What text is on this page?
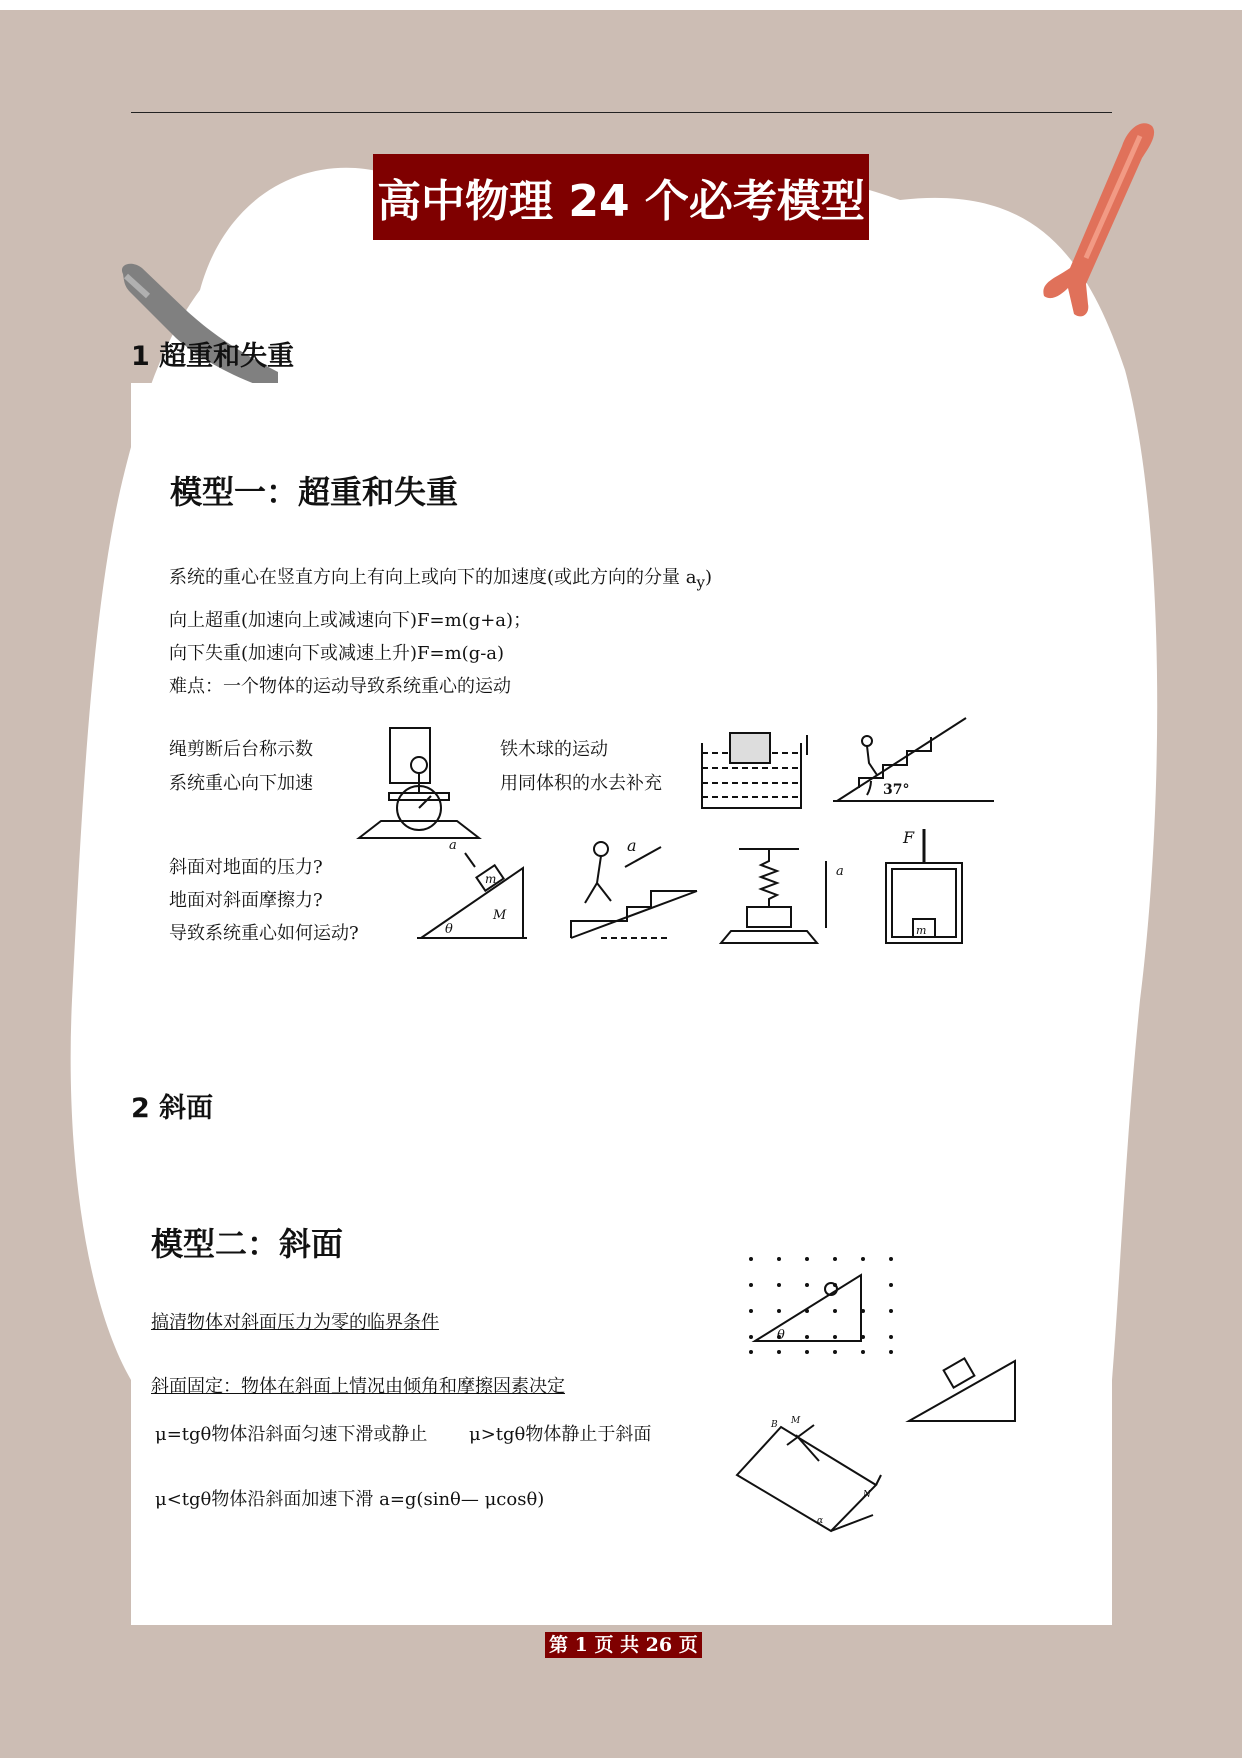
高中物理 24 个必考模型
1 超重和失重
模型一：超重和失重
系统的重心在竖直方向上有向上或向下的加速度(或此方向的分量 $a_y$)
向上超重(加速向上或减速向下)F=m(g+a)；
向下失重(加速向下或减速上升)F=m(g-a)
难点：一个物体的运动导致系统重心的运动
绳剪断后台称示数
系统重心向下加速
铁木球的运动
用同体积的水去补充
斜面对地面的压力?
地面对斜面摩擦力?
导致系统重心如何运动?
37°
a
m
M
θ
a
a
F
m
2 斜面
模型二：斜面
搞清物体对斜面压力为零的临界条件
斜面固定：物体在斜面上情况由倾角和摩擦因素决定
μ=tgθ物体沿斜面匀速下滑或静止 μ>tgθ物体静止于斜面
μ<tgθ物体沿斜面加速下滑 a=g(sinθ— μcosθ)
θ
B M
N
α
第 1 页 共 26 页
